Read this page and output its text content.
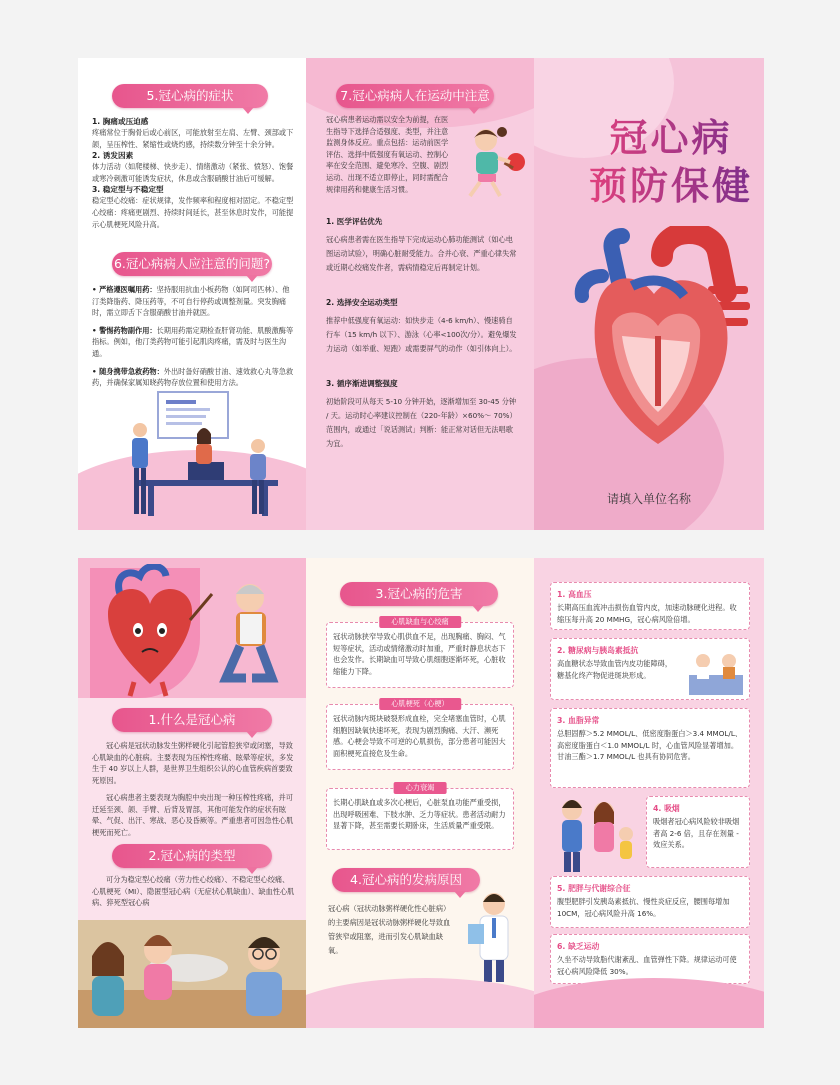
5.冠心病的症状
1. 胸痛或压迫感
疼痛常位于胸骨后或心前区，可能放射至左肩、左臂、颈部或下颌，呈压榨性、紧缩性或烧灼感，持续数分钟至十余分钟。
2. 诱发因素
体力活动（如爬楼梯、快步走）、情绪激动（紧张、愤怒）、饱餐或寒冷刺激可能诱发症状，休息或含服硝酸甘油后可缓解。
3. 稳定型与不稳定型
稳定型心绞痛：症状规律，发作频率和程度相对固定。不稳定型心绞痛：疼痛更剧烈、持续时间延长，甚至休息时发作，可能提示心肌梗死风险升高。
6.冠心病病人应注意的问题?
• 严格遵医嘱用药：坚持服用抗血小板药物（如阿司匹林）、他汀类降脂药、降压药等，不可自行停药或调整剂量。突发胸痛时，需立即舌下含服硝酸甘油并就医。
• 警惕药物副作用：长期用药需定期检查肝肾功能、肌酸激酶等指标。例如，他汀类药物可能引起肌肉疼痛，需及时与医生沟通。
• 随身携带急救药物：外出时备好硝酸甘油、速效救心丸等急救药，并确保家属知晓药物存放位置和使用方法。
7.冠心病病人在运动中注意
冠心病患者运动需以安全为前提，在医生指导下选择合适强度、类型，并注意监测身体反应。重点包括：运动前医学评估、选择中低强度有氧运动、控制心率在安全范围、避免寒冷、空腹、剧烈运动、出现不适立即停止，同时需配合规律用药和健康生活习惯。
1. 医学评估优先
冠心病患者需在医生指导下完成运动心肺功能测试（如心电图运动试验），明确心脏耐受能力。合并心衰、严重心律失常或近期心绞痛发作者，需病情稳定后再制定计划。
2. 选择安全运动类型
推荐中低强度有氧运动：如快步走（4-6 km/h）、慢速骑自行车（15 km/h 以下）、游泳（心率<100次/分）。避免爆发力运动（如举重、短跑）或需要屏气的动作（如引体向上）。
3. 循序渐进调整强度
初始阶段可从每天 5-10 分钟开始，逐渐增加至 30-45 分钟 / 天。运动时心率建议控制在（220-年龄）×60%～ 70%）范围内，或通过「说话测试」判断：能正常对话但无法唱歌为宜。
冠心病
预防保健
请填入单位名称
1.什么是冠心病
冠心病是冠状动脉发生粥样硬化引起管腔狭窄或闭塞，导致心肌缺血的心脏病。主要表现为压榨性疼痛、眩晕等症状，多发生于 40 岁以上人群，是世界卫生组织公认的心血管疾病首要致死原因。
冠心病患者主要表现为胸腔中央出现一种压榨性疼痛，并可迁延至颈、颌、手臂、后背及胃部，其他可能发作的症状有眩晕、气促、出汗、寒战、恶心及昏厥等。严重患者可因急性心肌梗死而死亡。
2.冠心病的类型
可分为稳定型心绞痛（劳力性心绞痛）、不稳定型心绞痛、心肌梗死（MI）、隐匿型冠心病（无症状心肌缺血）、缺血性心肌病、猝死型冠心病
3.冠心病的危害
心肌缺血与心绞痛
冠状动脉狭窄导致心肌供血不足，出现胸痛、胸闷、气短等症状，活动或情绪激动时加重，严重时静息状态下也会发作。长期缺血可导致心肌细胞逐渐坏死，心脏收缩能力下降。
心肌梗死（心梗）
冠状动脉内斑块破裂形成血栓，完全堵塞血管时，心肌细胞因缺氧快速坏死，表现为剧烈胸痛、大汗、濒死感。心梗会导致不可逆的心肌损伤，部分患者可能因大面积梗死直接危及生命。
心力衰竭
长期心肌缺血或多次心梗后，心脏泵血功能严重受损，出现呼吸困难、下肢水肿、乏力等症状。患者活动耐力显著下降，甚至需要长期卧床，生活质量严重受限。
4.冠心病的发病原因
冠心病（冠状动脉粥样硬化性心脏病）的主要病因是冠状动脉粥样硬化导致血管狭窄或阻塞，进而引发心肌缺血缺氧。
1. 高血压
长期高压血流冲击损伤血管内皮，加速动脉硬化进程。收缩压每升高 20 MMHG，冠心病风险倍增。
2. 糖尿病与胰岛素抵抗
高血糖状态导致血管内皮功能障碍，糖基化终产物促进斑块形成。
3. 血脂异常
总胆固醇＞5.2 MMOL/L、低密度脂蛋白＞3.4 MMOL/L、高密度脂蛋白＜1.0 MMOL/L 时，心血管风险显著增加。甘油三酯＞1.7 MMOL/L 也具有协同危害。
4. 吸烟
吸烟者冠心病风险较非吸烟者高 2-6 倍，且存在剂量 - 效应关系。
5. 肥胖与代谢综合征
腹型肥胖引发胰岛素抵抗、慢性炎症反应，腰围每增加 10CM，冠心病风险升高 16%。
6. 缺乏运动
久坐不动导致脂代谢紊乱、血管弹性下降。规律运动可使冠心病风险降低 30%。
